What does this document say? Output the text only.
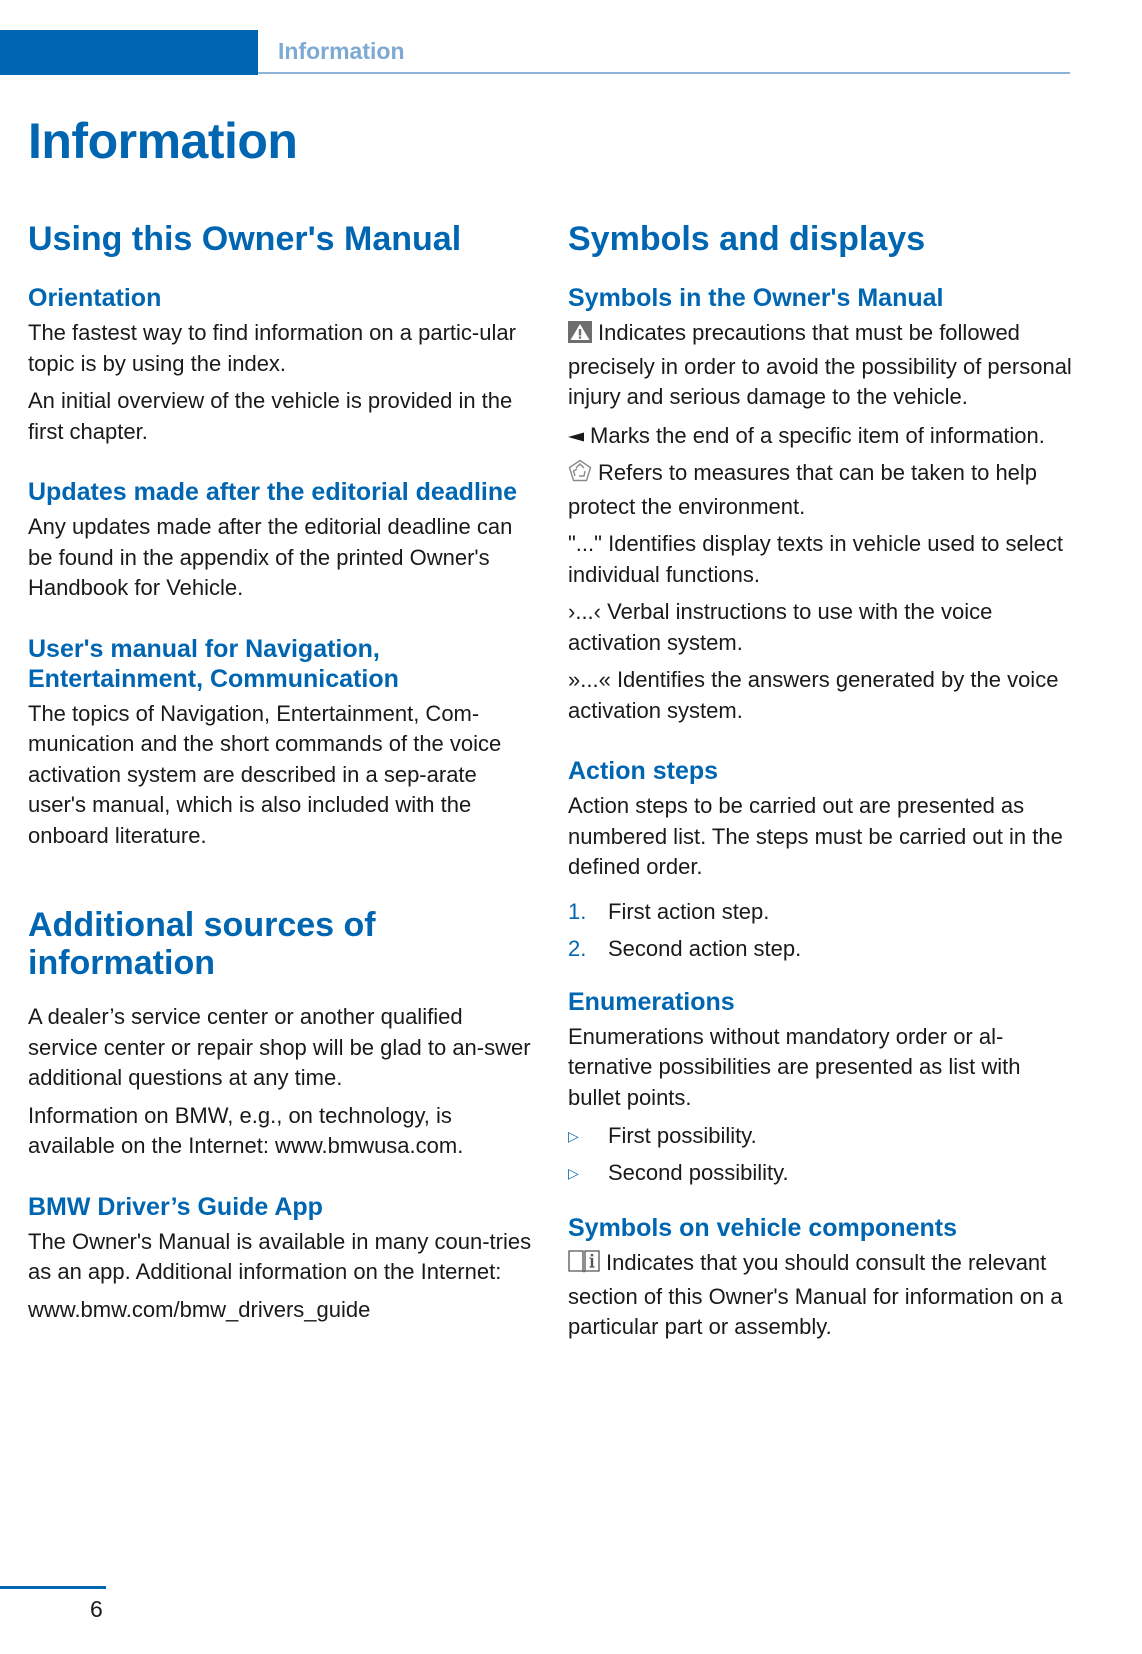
Information
Information
Using this Owner's Manual
Orientation

The fastest way to find information on a partic-ular topic is by using the index.

An initial overview of the vehicle is provided in the first chapter.

Updates made after the editorial deadline

Any updates made after the editorial deadline can be found in the appendix of the printed Owner's Handbook for Vehicle.

User's manual for Navigation, Entertainment, Communication

The topics of Navigation, Entertainment, Com-munication and the short commands of the voice activation system are described in a sep-arate user's manual, which is also included with the onboard literature.

Additional sources of information

A dealer’s service center or another qualified service center or repair shop will be glad to an-swer additional questions at any time.

Information on BMW, e.g., on technology, is available on the Internet: www.bmwusa.com.

BMW Driver’s Guide App

The Owner's Manual is available in many coun-tries as an app. Additional information on the Internet:

www.bmw.com/bmw_drivers_guide

Symbols and displays
Symbols in the Owner's Manual

Indicates precautions that must be followed precisely in order to avoid the possibility of personal injury and serious damage to the vehicle.

Marks the end of a specific item of information.

Refers to measures that can be taken to help protect the environment.

"..." Identifies display texts in vehicle used to select individual functions.

›...‹ Verbal instructions to use with the voice activation system.

»...« Identifies the answers generated by the voice activation system.

Action steps

Action steps to be carried out are presented as numbered list. The steps must be carried out in the defined order.

1. First action step.
2. Second action step.
Enumerations

Enumerations without mandatory order or al-ternative possibilities are presented as list with bullet points.

▷	First possibility.
▷	Second possibility.
Symbols on vehicle components

Indicates that you should consult the relevant section of this Owner's Manual for information on a particular part or assembly.

6
